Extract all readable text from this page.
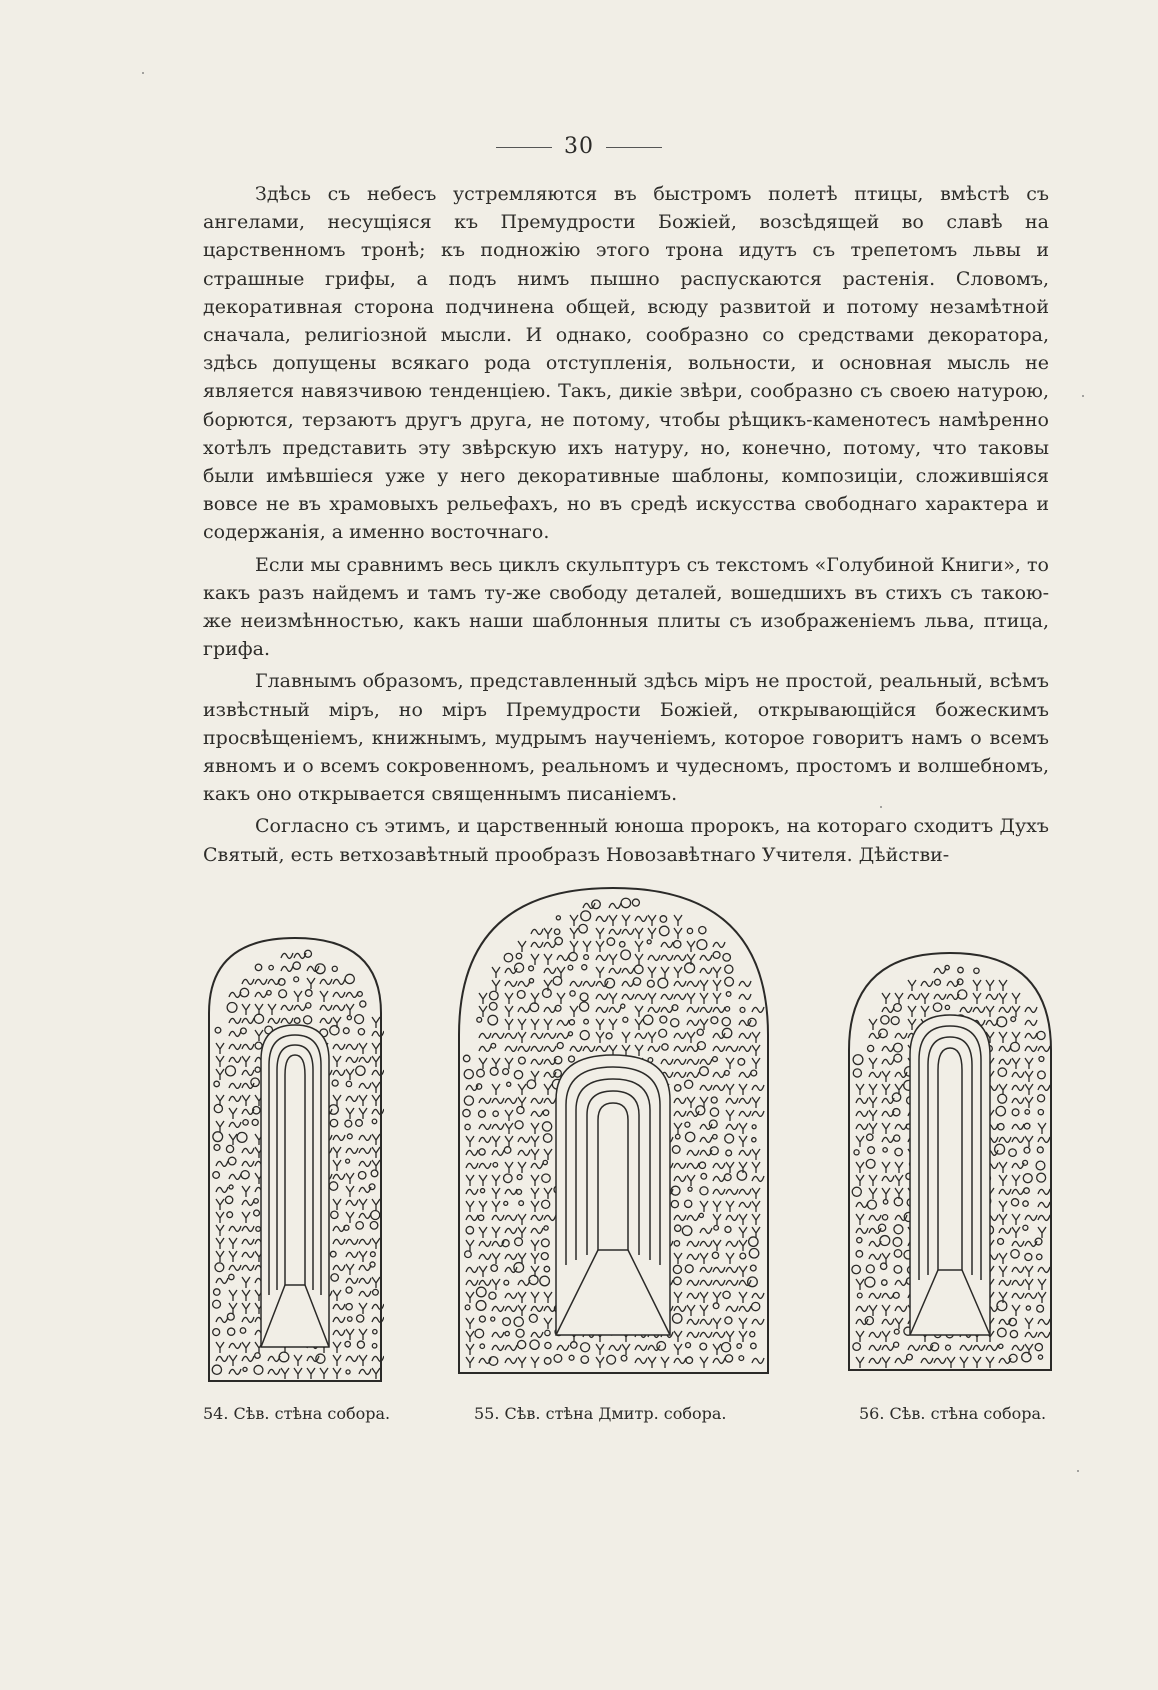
30

Здѣсь съ небесъ устремляются въ быстромъ полетѣ птицы, вмѣстѣ съ ангелами, несущіяся къ Премудрости Божіей, возсѣдящей во славѣ на царственномъ тронѣ; къ подножію этого трона идутъ съ трепетомъ львы и страшные грифы, а подъ нимъ пышно распускаются растенія. Словомъ, декоративная сторона подчинена общей, всюду развитой и потому незамѣтной сначала, религіозной мысли. И однако, сообразно со средствами декоратора, здѣсь допущены всякаго рода отступленія, вольности, и основная мысль не является навязчивою тенденціею. Такъ, дикіе звѣри, сообразно съ своею натурою, борются, терзаютъ другъ друга, не потому, чтобы рѣщикъ-каменотесъ намѣренно хотѣлъ представить эту звѣрскую ихъ натуру, но, конечно, потому, что таковы были имѣвшіеся уже у него декоративные шаблоны, композиціи, сложившіяся вовсе не въ храмовыхъ рельефахъ, но въ средѣ искусства свободнаго характера и содержанія, а именно восточнаго.

Если мы сравнимъ весь циклъ скульптуръ съ текстомъ «Голубиной Книги», то какъ разъ найдемъ и тамъ ту-же свободу деталей, вошедшихъ въ стихъ съ такою-же неизмѣнностью, какъ наши шаблонныя плиты съ изображеніемъ льва, птица, грифа.

Главнымъ образомъ, представленный здѣсь міръ не простой, реальный, всѣмъ извѣстный міръ, но міръ Премудрости Божіей, открывающійся божескимъ просвѣщеніемъ, книжнымъ, мудрымъ наученіемъ, которое говоритъ намъ о всемъ явномъ и о всемъ сокровенномъ, реальномъ и чудесномъ, простомъ и волшебномъ, какъ оно открывается священнымъ писаніемъ.

Согласно съ этимъ, и царственный юноша пророкъ, на котораго сходитъ Духъ Святый, есть ветхозавѣтный прообразъ Новозавѣтнаго Учителя. Дѣйстви-

54. Сѣв. стѣна собора.	55. Сѣв. стѣна Дмитр. собора.	56. Сѣв. стѣна собора.
